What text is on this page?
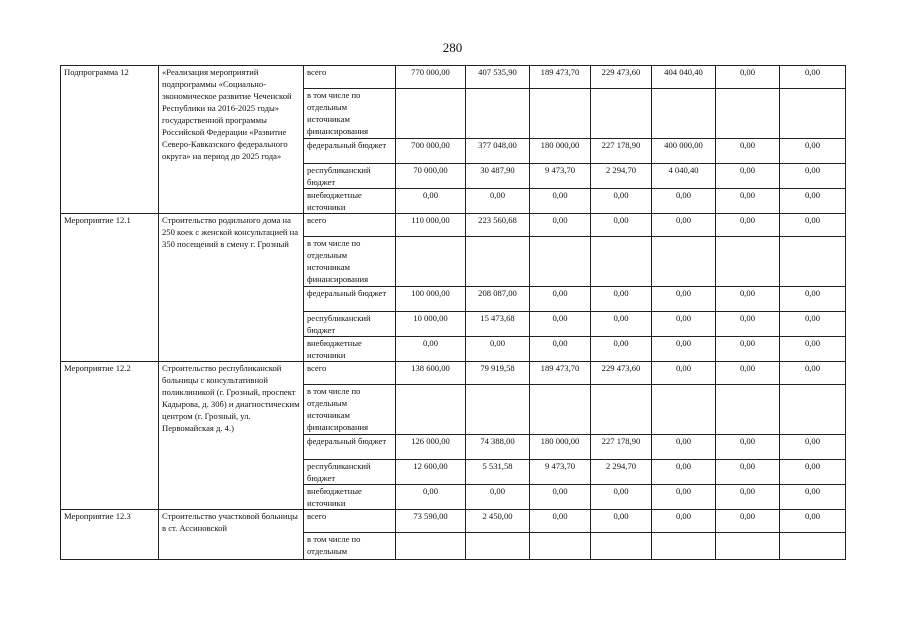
280
Подпрограмма 12	«Реализация мероприятий подпрограммы «Социально-экономическое развитие Чеченской Республики на 2016-2025 годы» государственной программы Российской Федерации «Развитие Северо-Кавказского федерального округа» на период до 2025 года»	всего	770 000,00	407 535,90	189 473,70	229 473,60	404 040,40	0,00	0,00
		в том числе по отдельным источникам финансирования							
		федеральный бюджет	700 000,00	377 048,00	180 000,00	227 178,90	400 000,00	0,00	0,00
		республиканский бюджет	70 000,00	30 487,90	9 473,70	2 294,70	4 040,40	0,00	0,00
		внебюджетные источники	0,00	0,00	0,00	0,00	0,00	0,00	0,00
Мероприятие 12.1	Строительство родильного дома на 250 коек с женской консультацией на 350 посещений в смену г. Грозный	всего	110 000,00	223 560,68	0,00	0,00	0,00	0,00	0,00
		в том числе по отдельным источникам финансирования							
		федеральный бюджет	100 000,00	208 087,00	0,00	0,00	0,00	0,00	0,00
		республиканский бюджет	10 000,00	15 473,68	0,00	0,00	0,00	0,00	0,00
		внебюджетные источники	0,00	0,00	0,00	0,00	0,00	0,00	0,00
Мероприятие 12.2	Строительство республиканской больницы с консультативной поликлиникой (г. Грозный, проспект Кадырова, д. 30б) и диагностическим центром (г. Грозный, ул. Первомайская д. 4.)	всего	138 600,00	79 919,58	189 473,70	229 473,60	0,00	0,00	0,00
		в том числе по отдельным источникам финансирования							
		федеральный бюджет	126 000,00	74 388,00	180 000,00	227 178,90	0,00	0,00	0,00
		республиканский бюджет	12 600,00	5 531,58	9 473,70	2 294,70	0,00	0,00	0,00
		внебюджетные источники	0,00	0,00	0,00	0,00	0,00	0,00	0,00
Мероприятие 12.3	Строительство участковой больницы в ст. Ассиновской	всего	73 590,00	2 450,00	0,00	0,00	0,00	0,00	0,00
		в том числе по отдельным							
